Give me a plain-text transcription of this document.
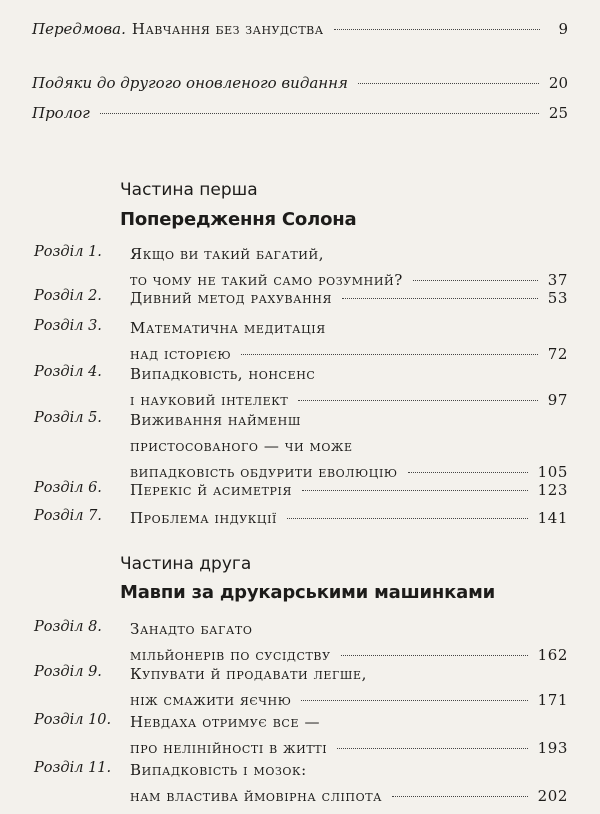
Передмова. Навчання без занудства	9
Подяки до другого оновленого видання	20
Пролог	25
Частина перша
Попередження Солона
Розділ 1. Якщо ви такий багатий,
то чому не такий само розумний?	37
Розділ 2. Дивний метод рахування	53
Розділ 3. Математична медитація
над історією	72
Розділ 4. Випадковість, нонсенс
і науковий інтелект	97
Розділ 5. Виживання найменш
пристосованого — чи може
випадковість обдурити еволюцію	105
Розділ 6. Перекіс й асиметрія	123
Розділ 7. Проблема індукції	141
Частина друга
Мавпи за друкарськими машинками
Розділ 8. Занадто багато
мільйонерів по сусідству	162
Розділ 9. Купувати й продавати легше,
ніж смажити яєчню	171
Розділ 10. Невдаха отримує все —
про нелінійності в житті	193
Розділ 11. Випадковість і мозок:
нам властива ймовірна сліпота	202
